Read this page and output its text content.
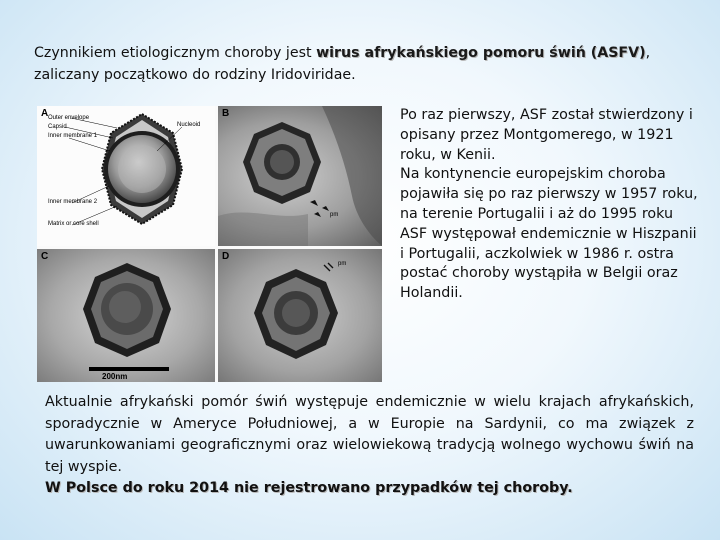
Czynnikiem etiologicznym choroby jest wirus afrykańskiego pomoru świń (ASFV), zaliczany początkowo do rodziny Iridoviridae.

Outer envelope
Capsid
Inner membrane 1
Nucleoid
Inner membrane 2
Matrix or core shell
A
pm
B
200nm
C
pm
D

Po raz pierwszy, ASF został stwierdzony i opisany przez Montgomerego, w 1921 roku, w Kenii.

Na kontynencie europejskim choroba pojawiła się po raz pierwszy w 1957 roku, na terenie Portugalii i aż do 1995 roku ASF występował endemicznie w Hiszpanii i Portugalii, aczkolwiek w 1986 r. ostra postać choroby wystąpiła w Belgii oraz Holandii.

Aktualnie afrykański pomór świń występuje endemicznie w wielu krajach afrykańskich, sporadycznie w Ameryce Południowej, a w Europie na Sardynii, co ma związek z uwarunkowaniami geograficznymi oraz wielowiekową tradycją wolnego wychowu świń na tej wyspie.

W Polsce do roku 2014 nie rejestrowano przypadków tej choroby.
